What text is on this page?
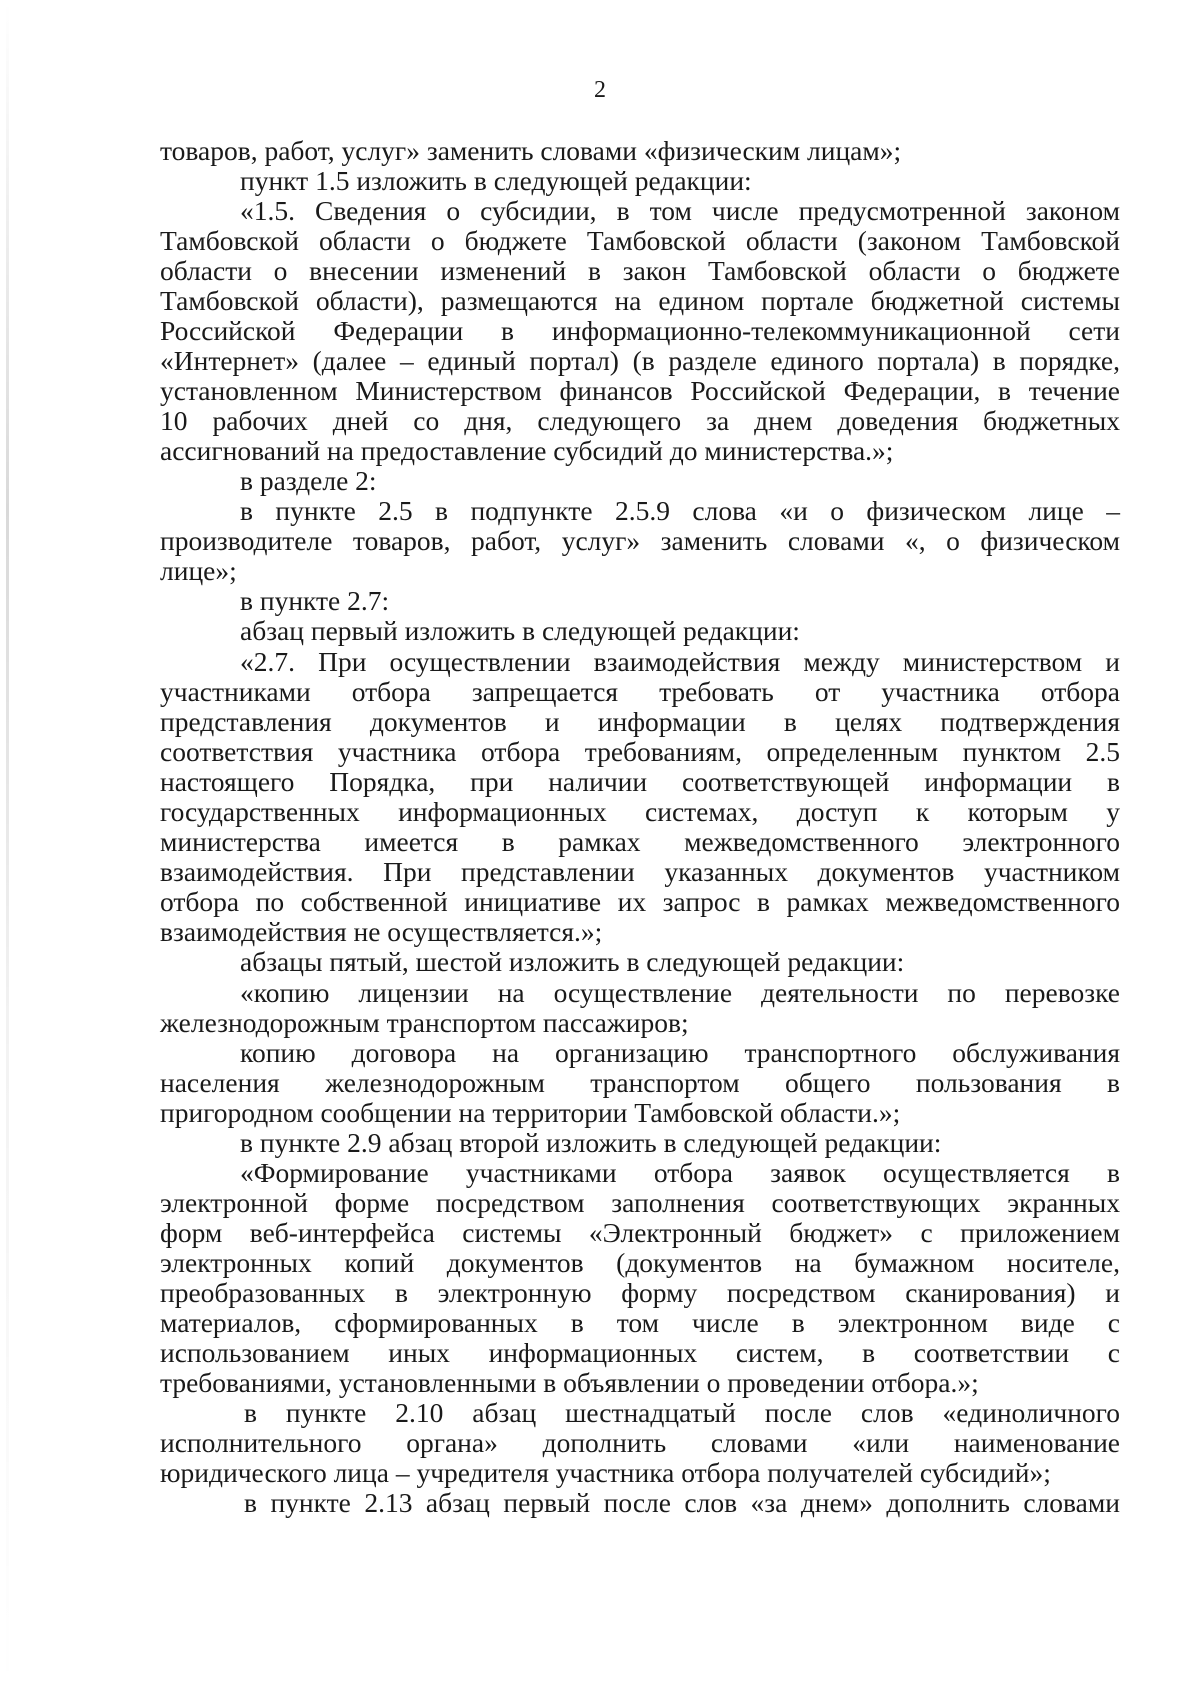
2
товаров, работ, услуг» заменить словами «физическим лицам»;
пункт 1.5 изложить в следующей редакции:
«1.5. Сведения о субсидии, в том числе предусмотренной законом
Тамбовской области о бюджете Тамбовской области (законом Тамбовской
области о внесении изменений в закон Тамбовской области о бюджете
Тамбовской области), размещаются на едином портале бюджетной системы
Российской Федерации в информационно-телекоммуникационной сети
«Интернет» (далее – единый портал) (в разделе единого портала) в порядке,
установленном Министерством финансов Российской Федерации, в течение
10 рабочих дней со дня, следующего за днем доведения бюджетных
ассигнований на предоставление субсидий до министерства.»;
в разделе 2:
в пункте 2.5 в подпункте 2.5.9 слова «и о физическом лице –
производителе товаров, работ, услуг» заменить словами «, о физическом
лице»;
в пункте 2.7:
абзац первый изложить в следующей редакции:
«2.7. При осуществлении взаимодействия между министерством и
участниками отбора запрещается требовать от участника отбора
представления документов и информации в целях подтверждения
соответствия участника отбора требованиям, определенным пунктом 2.5
настоящего Порядка, при наличии соответствующей информации в
государственных информационных системах, доступ к которым у
министерства имеется в рамках межведомственного электронного
взаимодействия. При представлении указанных документов участником
отбора по собственной инициативе их запрос в рамках межведомственного
взаимодействия не осуществляется.»;
абзацы пятый, шестой изложить в следующей редакции:
«копию лицензии на осуществление деятельности по перевозке
железнодорожным транспортом пассажиров;
копию договора на организацию транспортного обслуживания
населения железнодорожным транспортом общего пользования в
пригородном сообщении на территории Тамбовской области.»;
в пункте 2.9 абзац второй изложить в следующей редакции:
«Формирование участниками отбора заявок осуществляется в
электронной форме посредством заполнения соответствующих экранных
форм веб-интерфейса системы «Электронный бюджет» с приложением
электронных копий документов (документов на бумажном носителе,
преобразованных в электронную форму посредством сканирования) и
материалов, сформированных в том числе в электронном виде с
использованием иных информационных систем, в соответствии с
требованиями, установленными в объявлении о проведении отбора.»;
в пункте 2.10 абзац шестнадцатый после слов «единоличного
исполнительного органа» дополнить словами «или наименование
юридического лица – учредителя участника отбора получателей субсидий»;
в пункте 2.13 абзац первый после слов «за днем» дополнить словами
